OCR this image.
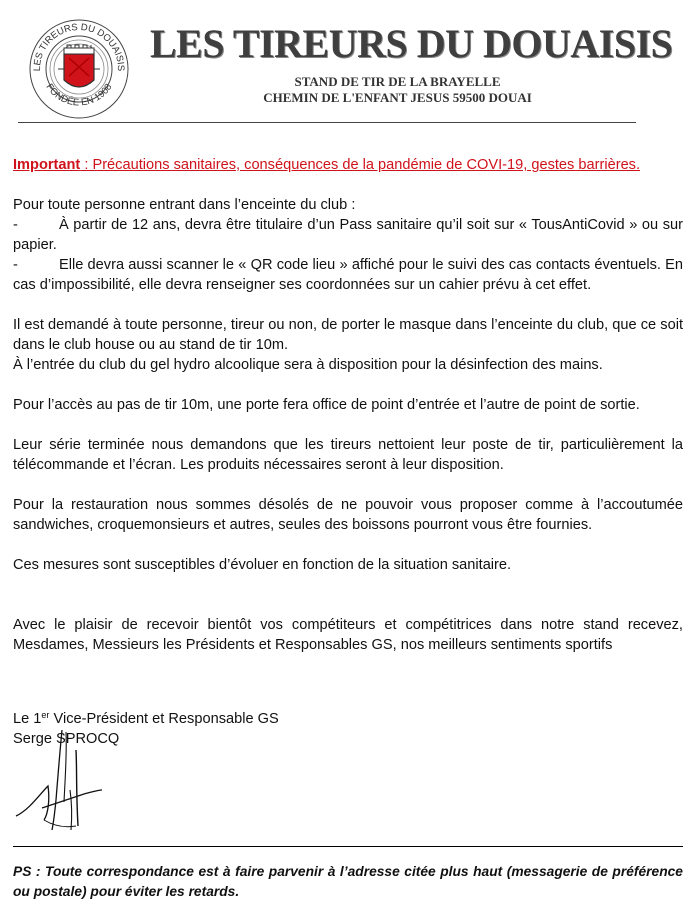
LES TIREURS DU DOUAISIS
FONDÉE EN 1908
LES TIREURS DU DOUAISIS
STAND DE TIR DE LA BRAYELLE
CHEMIN DE L'ENFANT JESUS 59500 DOUAI

Important : Précautions sanitaires, conséquences de la pandémie de COVI-19, gestes barrières.

Pour toute personne entrant dans l’enceinte du club :

-	À partir de 12 ans, devra être titulaire d’un Pass sanitaire qu’il soit sur « TousAntiCovid » ou sur papier.

-	Elle devra aussi scanner le « QR code lieu » affiché pour le suivi des cas contacts éventuels. En cas d’impossibilité, elle devra renseigner ses coordonnées sur un cahier prévu à cet effet.

Il est demandé à toute personne, tireur ou non, de porter le masque dans l’enceinte du club, que ce soit dans le club house ou au stand de tir 10m.

À l’entrée du club du gel hydro alcoolique sera à disposition pour la désinfection des mains.

Pour l’accès au pas de tir 10m, une porte fera office de point d’entrée et l’autre de point de sortie.

Leur série terminée nous demandons que les tireurs nettoient leur poste de tir, particulièrement la télécommande et l’écran. Les produits nécessaires seront à leur disposition.

Pour la restauration nous sommes désolés de ne pouvoir vous proposer comme à l’accoutumée sandwiches, croquemonsieurs et autres, seules des boissons pourront vous être fournies.

Ces mesures sont susceptibles d’évoluer en fonction de la situation sanitaire.

Avec le plaisir de recevoir bientôt vos compétiteurs et compétitrices dans notre stand recevez, Mesdames, Messieurs les Présidents et Responsables GS, nos meilleurs sentiments sportifs

Le 1er Vice-Président et Responsable GS
Serge SPROCQ
PS : Toute correspondance est à faire parvenir à l’adresse citée plus haut (messagerie de préférence ou postale) pour éviter les retards.
